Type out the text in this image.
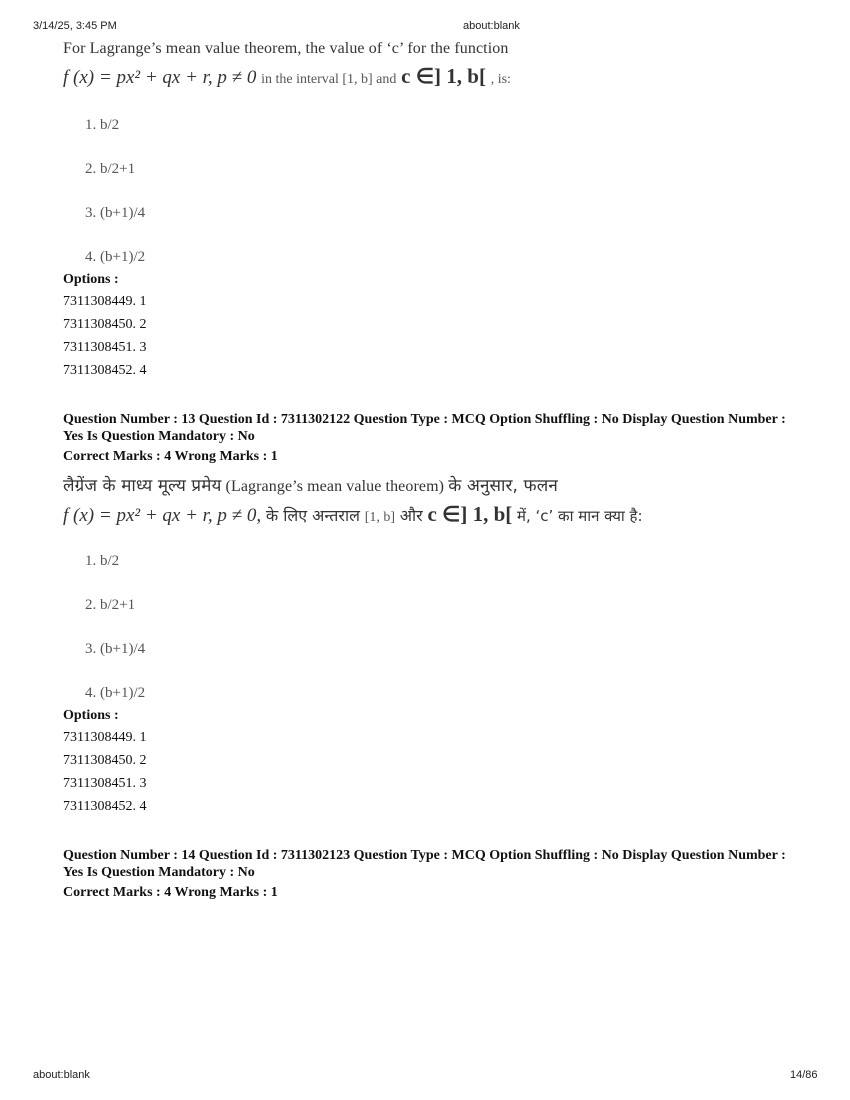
3/14/25, 3:45 PM	about:blank
For Lagrange’s mean value theorem, the value of ‘c’ for the function
f (x) = px² + qx + r, p ≠ 0 in the interval [1, b] and c ∈] 1, b[ , is:
1. b/2
2. b/2+1
3. (b+1)/4
4. (b+1)/2
Options :
7311308449. 1
7311308450. 2
7311308451. 3
7311308452. 4
Question Number : 13 Question Id : 7311302122 Question Type : MCQ Option Shuffling : No Display Question Number : Yes Is Question Mandatory : No
Correct Marks : 4 Wrong Marks : 1
लैग्रेंज के माध्य मूल्य प्रमेय (Lagrange’s mean value theorem) के अनुसार, फलन
f (x) = px² + qx + r, p ≠ 0, के लिए अन्तराल [1, b] और c ∈] 1, b[ में, ‘c’ का मान क्या है:
1. b/2
2. b/2+1
3. (b+1)/4
4. (b+1)/2
Options :
7311308449. 1
7311308450. 2
7311308451. 3
7311308452. 4
Question Number : 14 Question Id : 7311302123 Question Type : MCQ Option Shuffling : No Display Question Number : Yes Is Question Mandatory : No
Correct Marks : 4 Wrong Marks : 1
about:blank	14/86
